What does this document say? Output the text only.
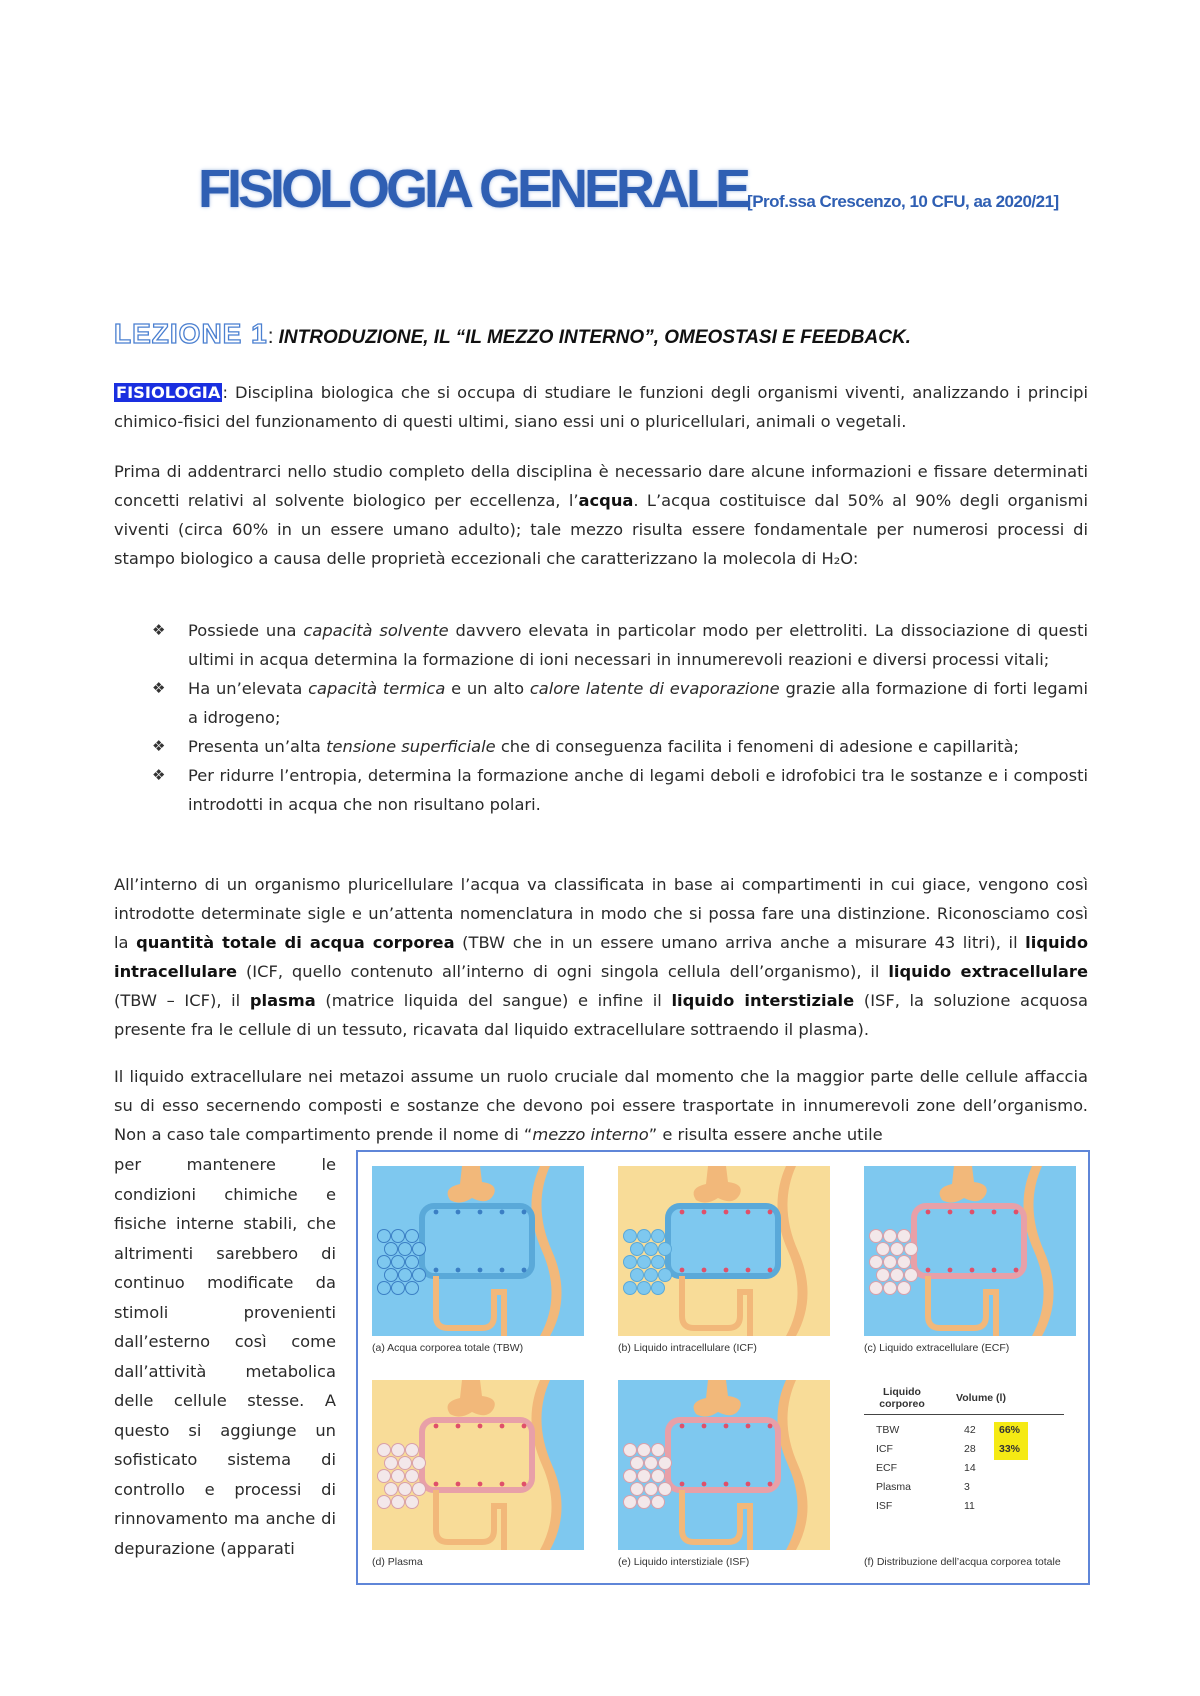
FISIOLOGIA GENERALE[Prof.ssa Crescenzo, 10 CFU, aa 2020/21]
LEZIONE 1: INTRODUZIONE, IL “IL MEZZO INTERNO”, OMEOSTASI E FEEDBACK.
FISIOLOGIA : Disciplina biologica che si occupa di studiare le funzioni degli organismi viventi, analizzando i principi chimico-fisici del funzionamento di questi ultimi, siano essi uni o pluricellulari, animali o vegetali.
Prima di addentrarci nello studio completo della disciplina è necessario dare alcune informazioni e fissare determinati concetti relativi al solvente biologico per eccellenza, l’acqua. L’acqua costituisce dal 50% al 90% degli organismi viventi (circa 60% in un essere umano adulto); tale mezzo risulta essere fondamentale per numerosi processi di stampo biologico a causa delle proprietà eccezionali che caratterizzano la molecola di H₂O:
❖ Possiede una capacità solvente davvero elevata in particolar modo per elettroliti. La dissociazione di questi ultimi in acqua determina la formazione di ioni necessari in innumerevoli reazioni e diversi processi vitali;
❖ Ha un’elevata capacità termica e un alto calore latente di evaporazione grazie alla formazione di forti legami a idrogeno;
❖ Presenta un’alta tensione superficiale che di conseguenza facilita i fenomeni di adesione e capillarità;
❖ Per ridurre l’entropia, determina la formazione anche di legami deboli e idrofobici tra le sostanze e i composti introdotti in acqua che non risultano polari.
All’interno di un organismo pluricellulare l’acqua va classificata in base ai compartimenti in cui giace, vengono così introdotte determinate sigle e un’attenta nomenclatura in modo che si possa fare una distinzione. Riconosciamo così la quantità totale di acqua corporea (TBW che in un essere umano arriva anche a misurare 43 litri), il liquido intracellulare (ICF, quello contenuto all’interno di ogni singola cellula dell’organismo), il liquido extracellulare (TBW – ICF), il plasma (matrice liquida del sangue) e infine il liquido interstiziale (ISF, la soluzione acquosa presente fra le cellule di un tessuto, ricavata dal liquido extracellulare sottraendo il plasma).
Il liquido extracellulare nei metazoi assume un ruolo cruciale dal momento che la maggior parte delle cellule affaccia su di esso secernendo composti e sostanze che devono poi essere trasportate in innumerevoli zone dell’organismo. Non a caso tale compartimento prende il nome di “mezzo interno” e risulta essere anche utile
per mantenere le condizioni chimiche e fisiche interne stabili, che altrimenti sarebbero di continuo modificate da stimoli provenienti dall’esterno così come dall’attività metabolica delle cellule stesse. A questo si aggiunge un sofisticato sistema di controllo e processi di rinnovamento ma anche di depurazione (apparati
(a) Acqua corporea totale (TBW)	(b) Liquido intracellulare (ICF)	(c) Liquido extracellulare (ECF)
(d) Plasma	(e) Liquido interstiziale (ISF)	(f) Distribuzione dell’acqua corporea totale
Liquido corporeo	Volume (l)
TBW	42 66%
ICF	28 33%
ECF	14
Plasma	3
ISF	11
